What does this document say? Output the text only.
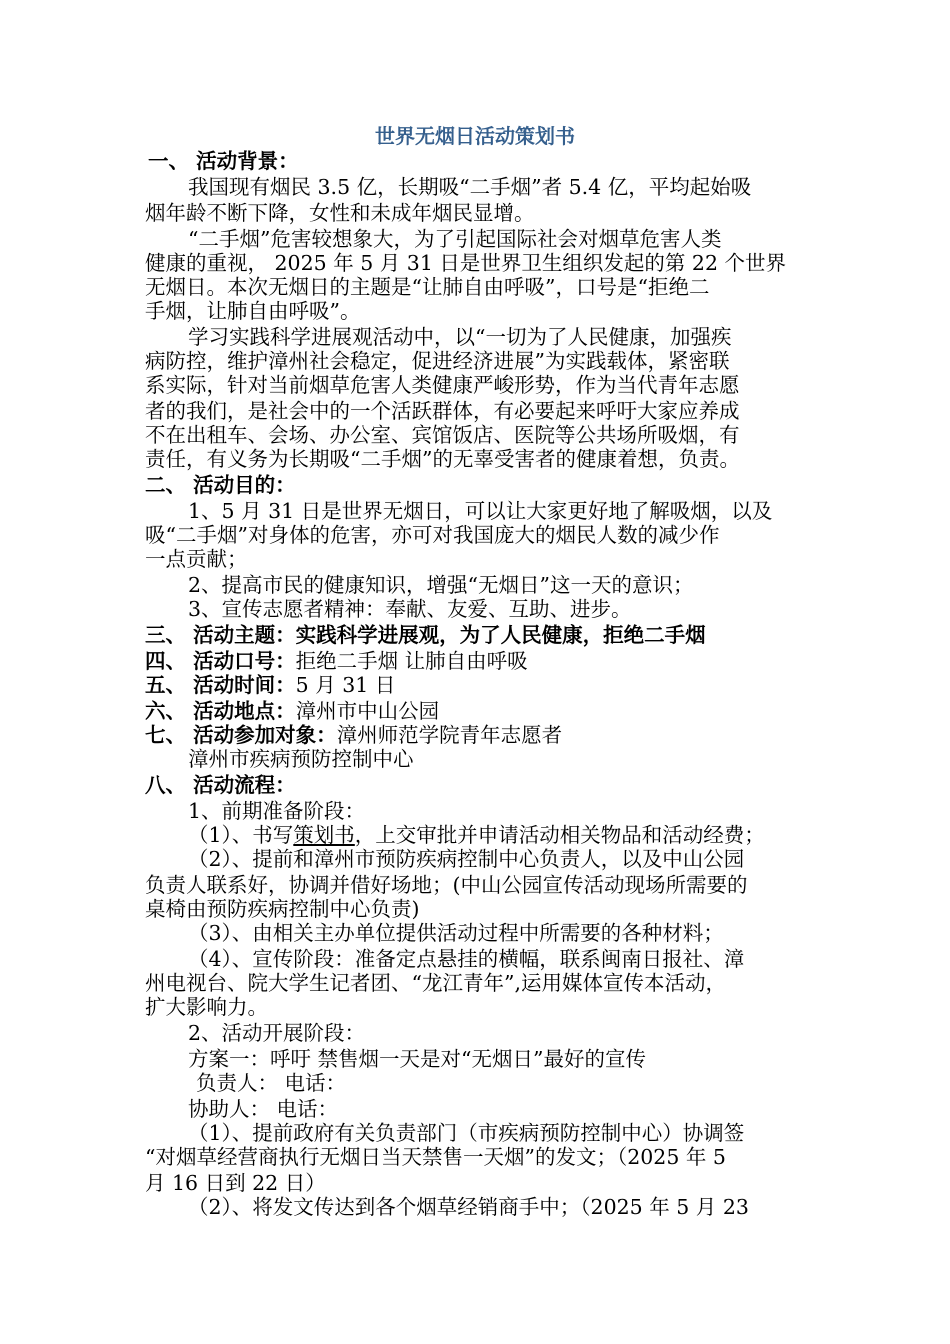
世界无烟日活动策划书
一、 活动背景：
我国现有烟民 3.5 亿，长期吸“二手烟”者 5.4 亿，平均起始吸
烟年龄不断下降，女性和未成年烟民显增。
“二手烟”危害较想象大，为了引起国际社会对烟草危害人类
健康的重视， 2025 年 5 月 31 日是世界卫生组织发起的第 22 个世界
无烟日。本次无烟日的主题是“让肺自由呼吸”，口号是“拒绝二
手烟，让肺自由呼吸”。
学习实践科学进展观活动中，以“一切为了人民健康，加强疾
病防控，维护漳州社会稳定，促进经济进展”为实践载体，紧密联
系实际，针对当前烟草危害人类健康严峻形势，作为当代青年志愿
者的我们，是社会中的一个活跃群体，有必要起来呼吁大家应养成
不在出租车、会场、办公室、宾馆饭店、医院等公共场所吸烟，有
责任，有义务为长期吸“二手烟”的无辜受害者的健康着想，负责。
二、 活动目的：
1、5 月 31 日是世界无烟日，可以让大家更好地了解吸烟，以及
吸“二手烟”对身体的危害，亦可对我国庞大的烟民人数的减少作
一点贡献；
2、提高市民的健康知识，增强“无烟日”这一天的意识；
3、宣传志愿者精神：奉献、友爱、互助、进步。
三、 活动主题：实践科学进展观，为了人民健康，拒绝二手烟
四、 活动口号：拒绝二手烟 让肺自由呼吸
五、 活动时间：5 月 31 日
六、 活动地点：漳州市中山公园
七、 活动参加对象：漳州师范学院青年志愿者
漳州市疾病预防控制中心
八、 活动流程：
1、前期准备阶段：
（1）、书写策划书，上交审批并申请活动相关物品和活动经费；
（2）、提前和漳州市预防疾病控制中心负责人，以及中山公园
负责人联系好，协调并借好场地；(中山公园宣传活动现场所需要的
桌椅由预防疾病控制中心负责)
（3）、由相关主办单位提供活动过程中所需要的各种材料；
（4）、宣传阶段：准备定点悬挂的横幅，联系闽南日报社、漳
州电视台、院大学生记者团、“龙江青年”,运用媒体宣传本活动，
扩大影响力。
2、活动开展阶段：
方案一：呼吁 禁售烟一天是对“无烟日”最好的宣传
负责人： 电话：
协助人： 电话：
（1）、提前政府有关负责部门（市疾病预防控制中心）协调签
“对烟草经营商执行无烟日当天禁售一天烟”的发文；（2025 年 5
月 16 日到 22 日）
（2）、将发文传达到各个烟草经销商手中；（2025 年 5 月 23
